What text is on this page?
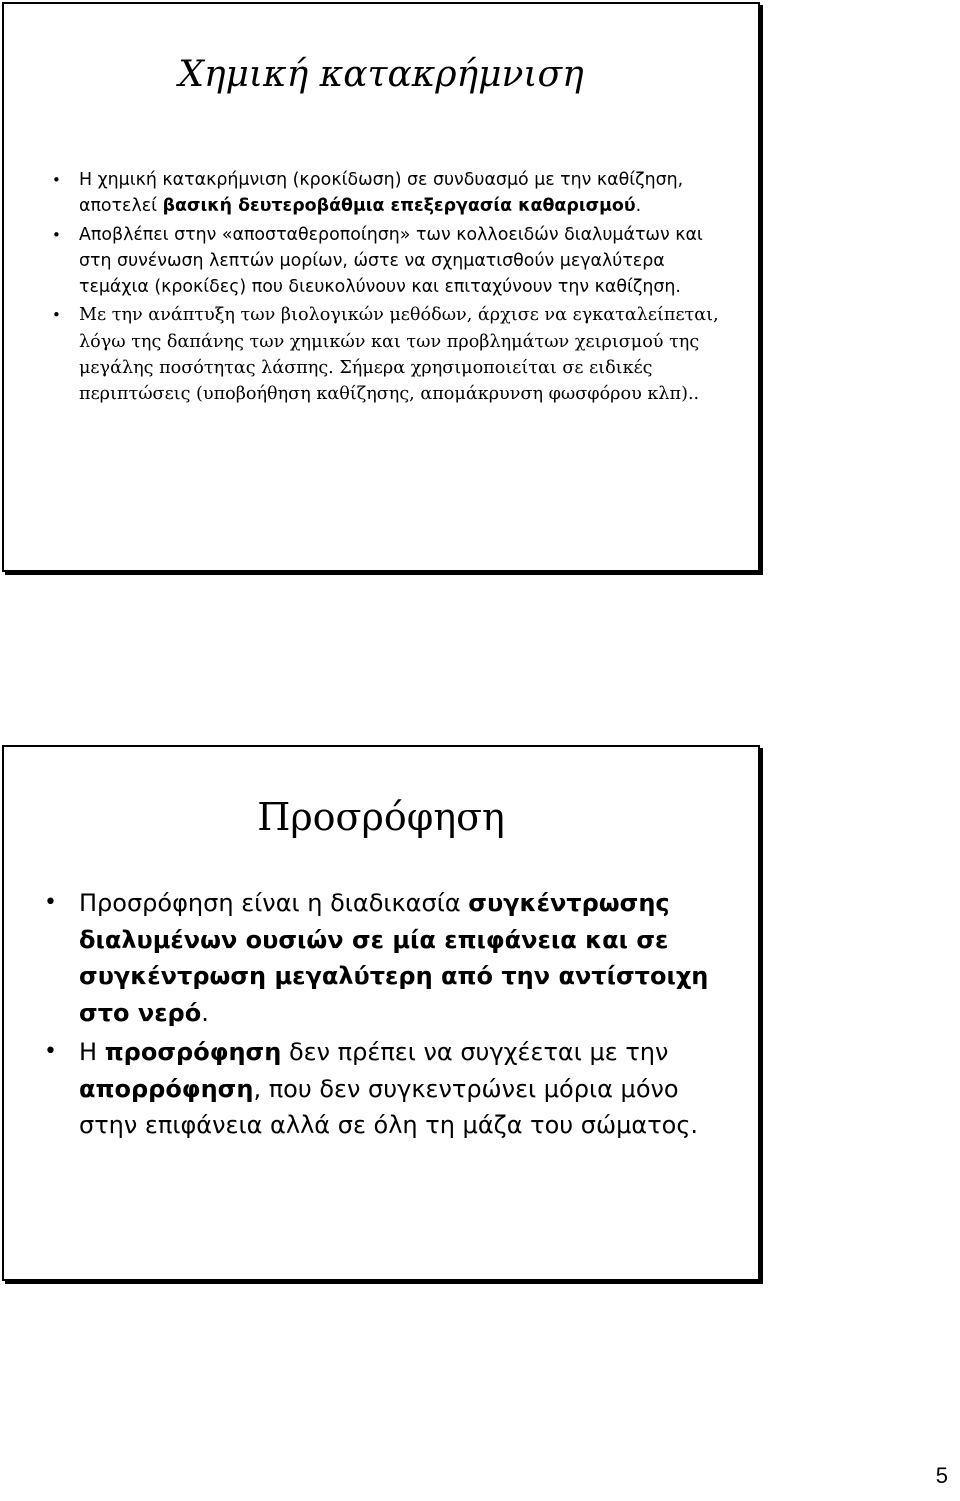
Χημική κατακρήμνιση
• Η χημική κατακρήμνιση (κροκίδωση) σε συνδυασμό με την καθίζηση, αποτελεί βασική δευτεροβάθμια επεξεργασία καθαρισμού.
• Αποβλέπει στην «αποσταθεροποίηση» των κολλοειδών διαλυμάτων και στη συνένωση λεπτών μορίων, ώστε να σχηματισθούν μεγαλύτερα τεμάχια (κροκίδες) που διευκολύνουν και επιταχύνουν την καθίζηση.
• Με την ανάπτυξη των βιολογικών μεθόδων, άρχισε να εγκαταλείπεται, λόγω της δαπάνης των χημικών και των προβλημάτων χειρισμού της μεγάλης ποσότητας λάσπης. Σήμερα χρησιμοποιείται σε ειδικές περιπτώσεις (υποβοήθηση καθίζησης, απομάκρυνση φωσφόρου κλπ)..
Προσρόφηση
• Προσρόφηση είναι η διαδικασία συγκέντρωσης διαλυμένων ουσιών σε μία επιφάνεια και σε συγκέντρωση μεγαλύτερη από την αντίστοιχη στο νερό.
• Η προσρόφηση δεν πρέπει να συγχέεται με την απορρόφηση, που δεν συγκεντρώνει μόρια μόνο στην επιφάνεια αλλά σε όλη τη μάζα του σώματος.
5
